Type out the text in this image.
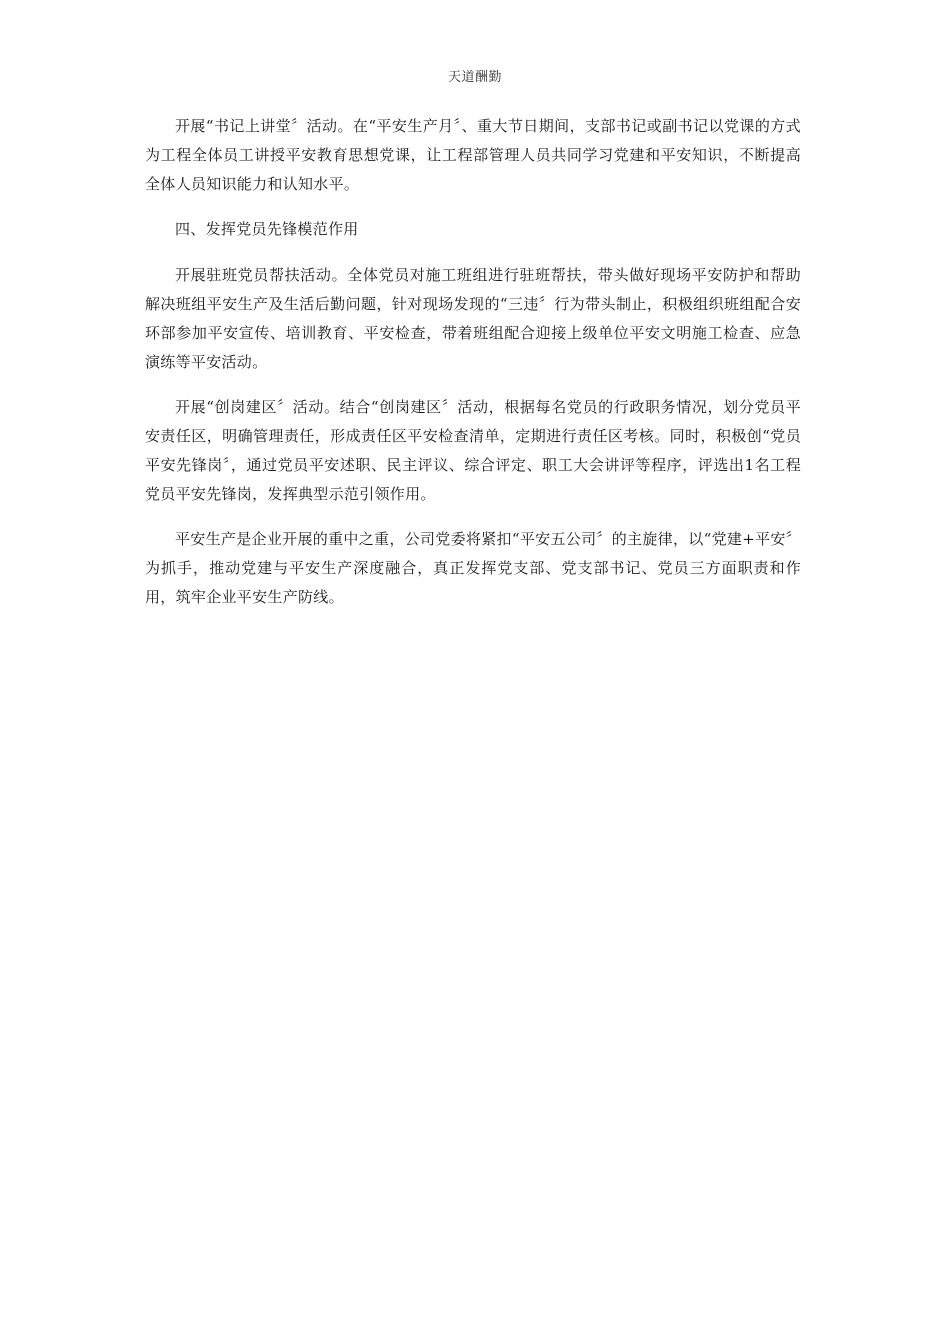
天道酬勤

开展“书记上讲堂〞活动。在“平安生产月〞、重大节日期间，支部书记或副书记以党课的方式为工程全体员工讲授平安教育思想党课，让工程部管理人员共同学习党建和平安知识，不断提高全体人员知识能力和认知水平。

四、发挥党员先锋模范作用

开展驻班党员帮扶活动。全体党员对施工班组进行驻班帮扶，带头做好现场平安防护和帮助解决班组平安生产及生活后勤问题，针对现场发现的“三违〞行为带头制止，积极组织班组配合安环部参加平安宣传、培训教育、平安检查，带着班组配合迎接上级单位平安文明施工检查、应急演练等平安活动。

开展“创岗建区〞活动。结合“创岗建区〞活动，根据每名党员的行政职务情况，划分党员平安责任区，明确管理责任，形成责任区平安检查清单，定期进行责任区考核。同时，积极创“党员平安先锋岗〞，通过党员平安述职、民主评议、综合评定、职工大会讲评等程序，评选出1名工程党员平安先锋岗，发挥典型示范引领作用。

平安生产是企业开展的重中之重，公司党委将紧扣“平安五公司〞的主旋律，以“党建+平安〞为抓手，推动党建与平安生产深度融合，真正发挥党支部、党支部书记、党员三方面职责和作用，筑牢企业平安生产防线。
